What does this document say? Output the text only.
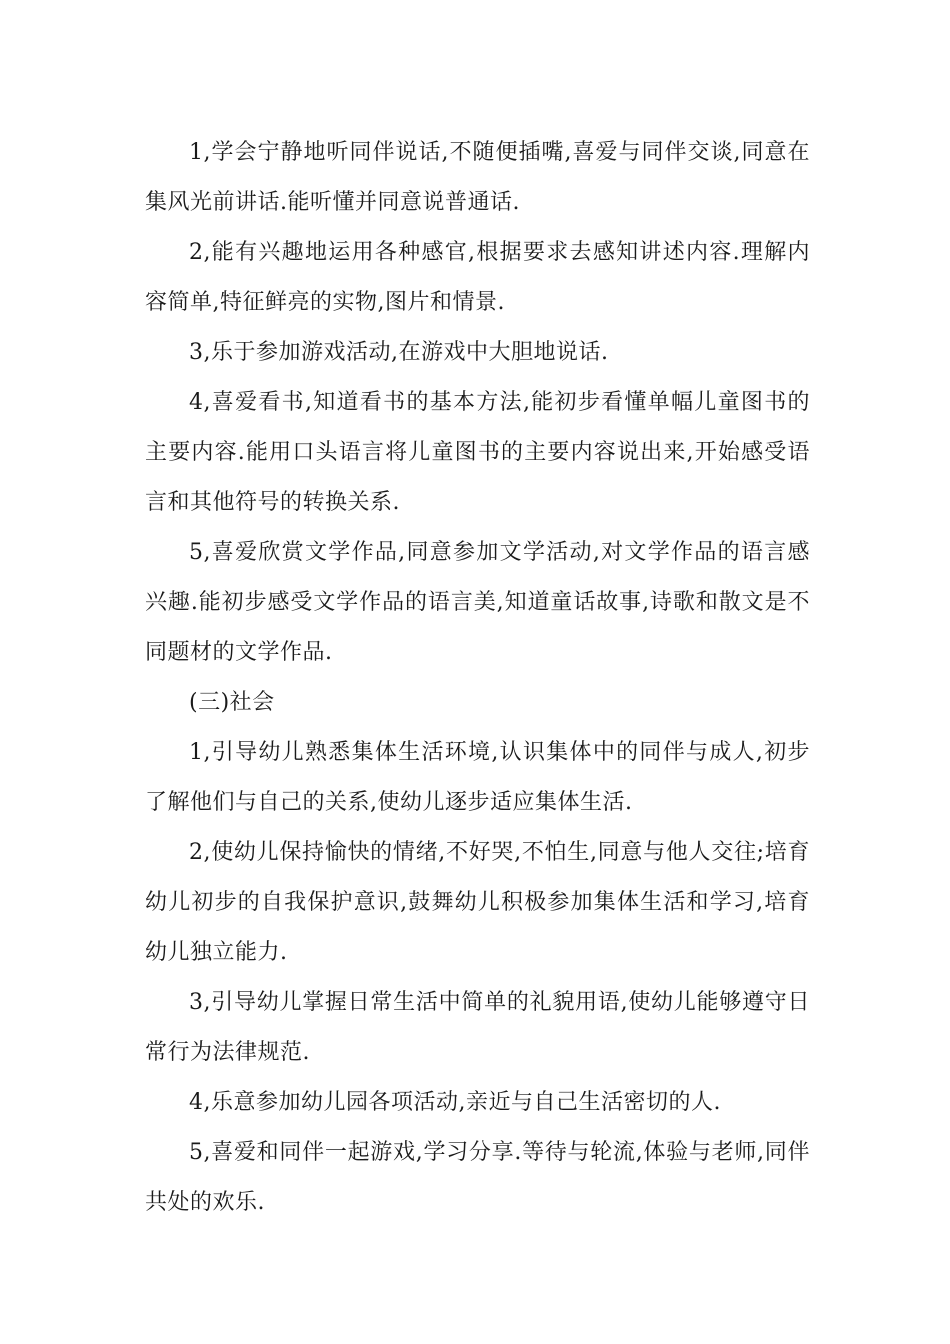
1,学会宁静地听同伴说话,不随便插嘴,喜爱与同伴交谈,同意在集风光前讲话.能听懂并同意说普通话.

2,能有兴趣地运用各种感官,根据要求去感知讲述内容.理解内容简单,特征鲜亮的实物,图片和情景.

3,乐于参加游戏活动,在游戏中大胆地说话.

4,喜爱看书,知道看书的基本方法,能初步看懂单幅儿童图书的主要内容.能用口头语言将儿童图书的主要内容说出来,开始感受语言和其他符号的转换关系.

5,喜爱欣赏文学作品,同意参加文学活动,对文学作品的语言感兴趣.能初步感受文学作品的语言美,知道童话故事,诗歌和散文是不同题材的文学作品.

(三)社会

1,引导幼儿熟悉集体生活环境,认识集体中的同伴与成人,初步了解他们与自己的关系,使幼儿逐步适应集体生活.

2,使幼儿保持愉快的情绪,不好哭,不怕生,同意与他人交往;培育幼儿初步的自我保护意识,鼓舞幼儿积极参加集体生活和学习,培育幼儿独立能力.

3,引导幼儿掌握日常生活中简单的礼貌用语,使幼儿能够遵守日常行为法律规范.

4,乐意参加幼儿园各项活动,亲近与自己生活密切的人.

5,喜爱和同伴一起游戏,学习分享.等待与轮流,体验与老师,同伴共处的欢乐.
